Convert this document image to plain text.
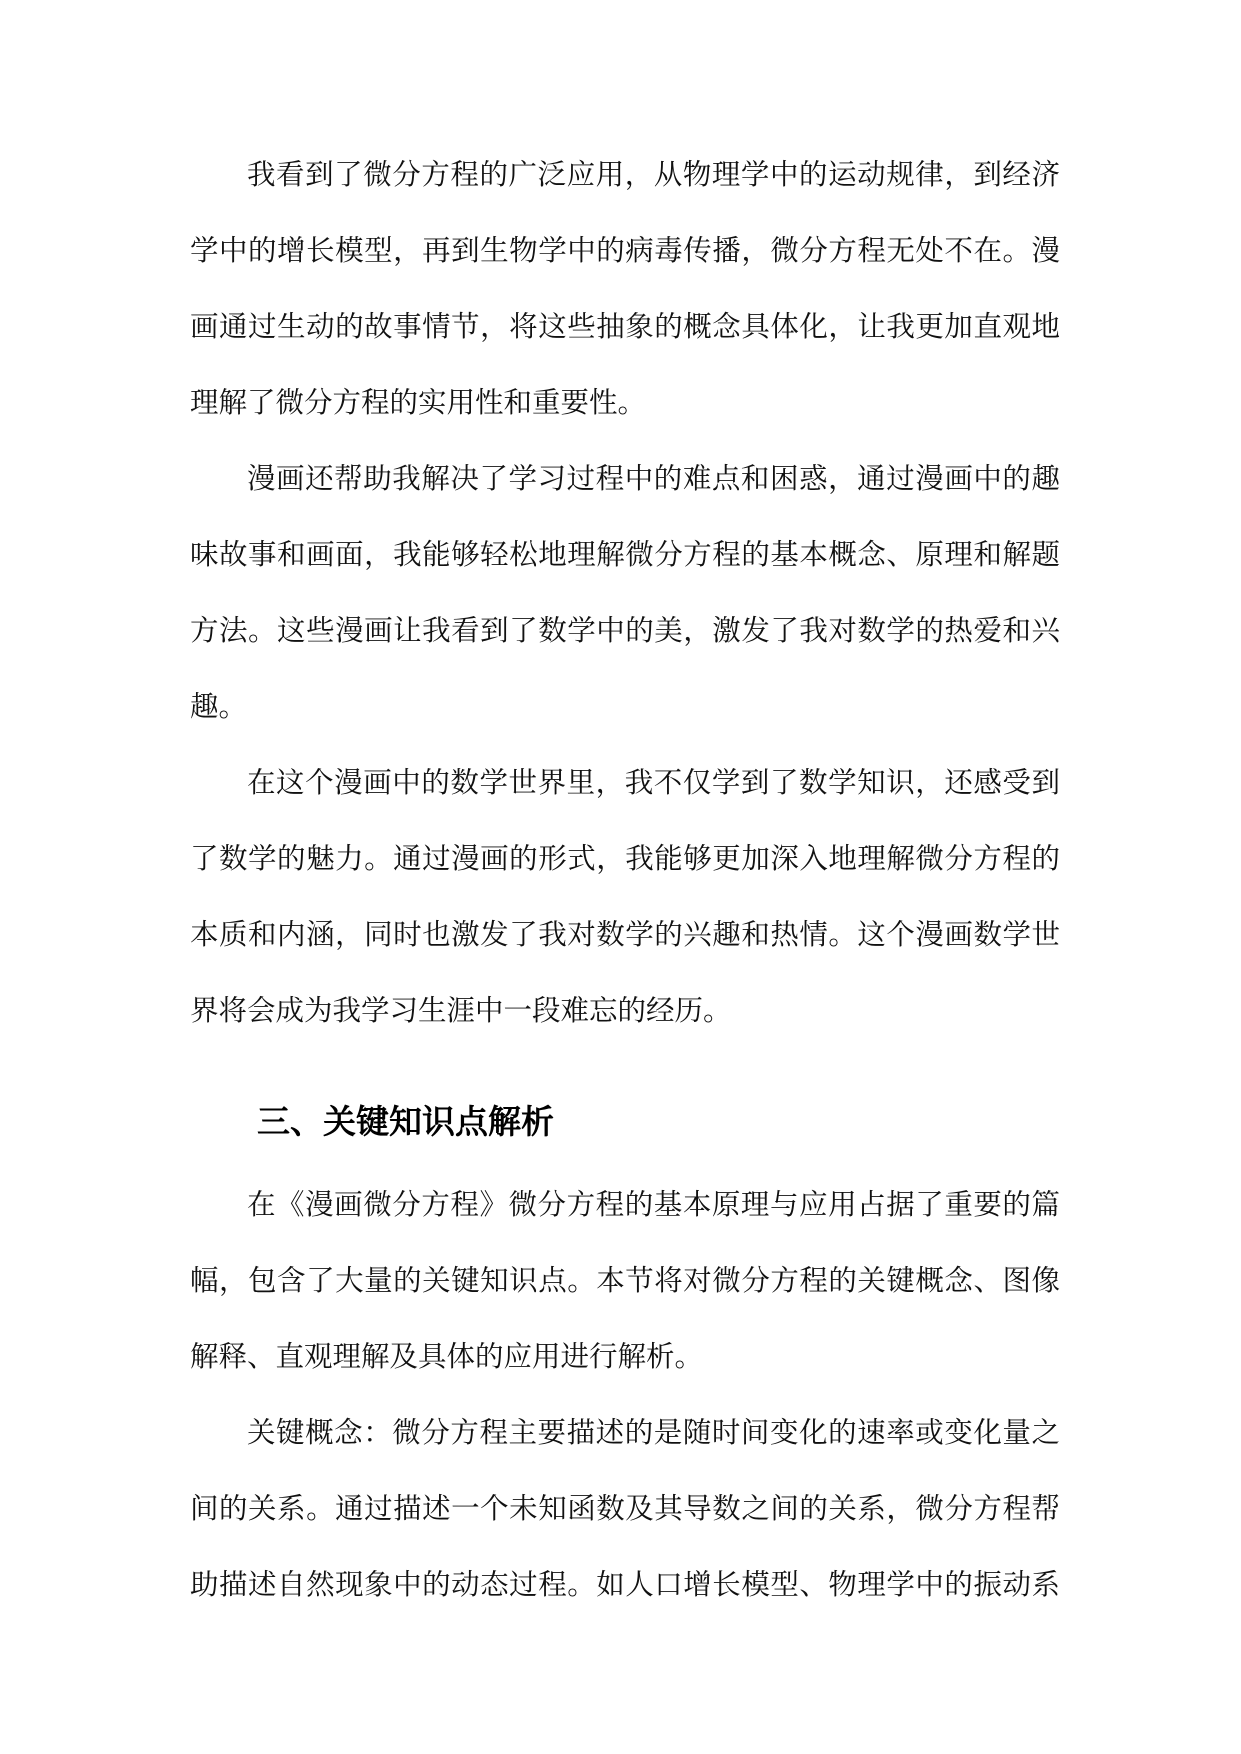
我看到了微分方程的广泛应用，从物理学中的运动规律，到经济
学中的增长模型，再到生物学中的病毒传播，微分方程无处不在。漫
画通过生动的故事情节，将这些抽象的概念具体化，让我更加直观地
理解了微分方程的实用性和重要性。
漫画还帮助我解决了学习过程中的难点和困惑，通过漫画中的趣
味故事和画面，我能够轻松地理解微分方程的基本概念、原理和解题
方法。这些漫画让我看到了数学中的美，激发了我对数学的热爱和兴
趣。
在这个漫画中的数学世界里，我不仅学到了数学知识，还感受到
了数学的魅力。通过漫画的形式，我能够更加深入地理解微分方程的
本质和内涵，同时也激发了我对数学的兴趣和热情。这个漫画数学世
界将会成为我学习生涯中一段难忘的经历。
三、关键知识点解析
在《漫画微分方程》微分方程的基本原理与应用占据了重要的篇
幅，包含了大量的关键知识点。本节将对微分方程的关键概念、图像
解释、直观理解及具体的应用进行解析。
关键概念：微分方程主要描述的是随时间变化的速率或变化量之
间的关系。通过描述一个未知函数及其导数之间的关系，微分方程帮
助描述自然现象中的动态过程。如人口增长模型、物理学中的振动系
